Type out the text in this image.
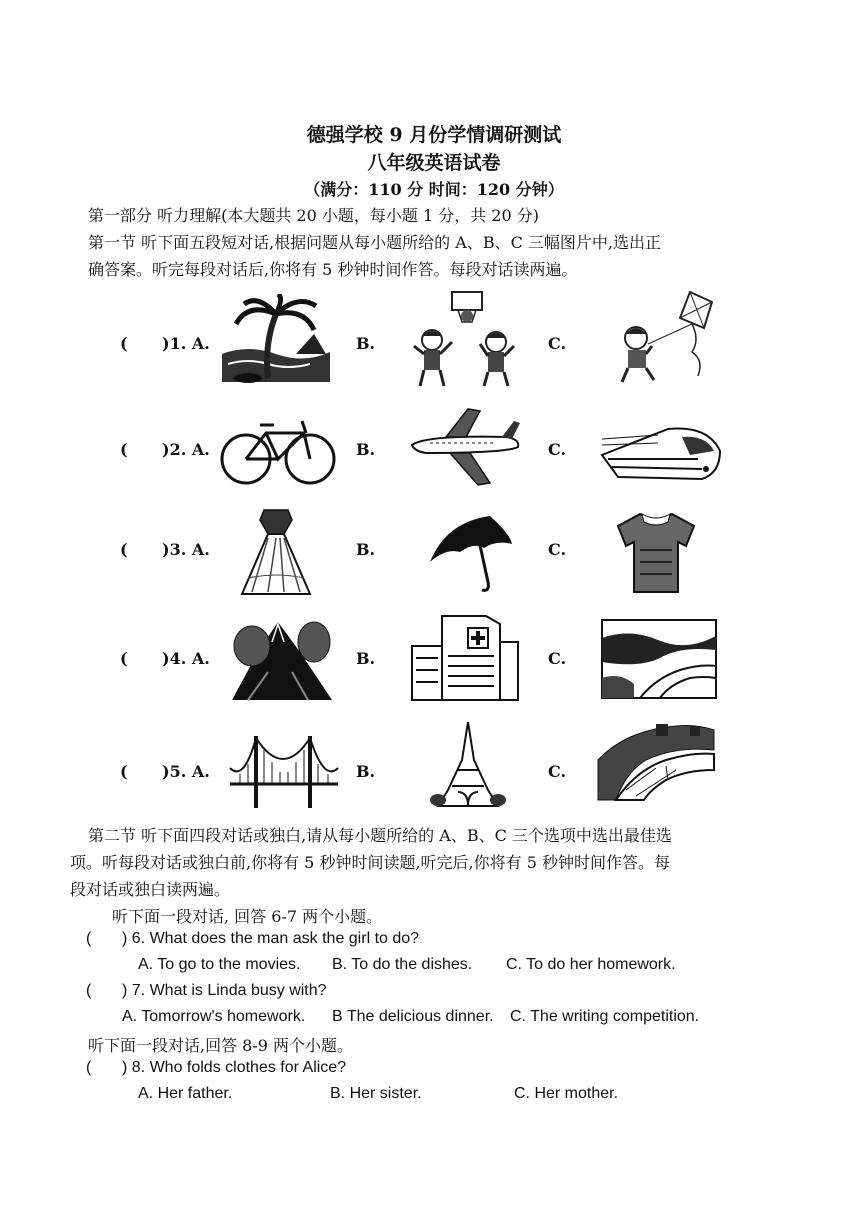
德强学校 9 月份学情调研测试
八年级英语试卷
（满分：110 分 时间：120 分钟）
第一部分 听力理解(本大题共 20 小题，每小题 1 分，共 20 分)
第一节 听下面五段短对话,根据问题从每小题所给的 A、B、C 三幅图片中,选出正
确答案。听完每段对话后,你将有 5 秒钟时间作答。每段对话读两遍。
( )1. A.	B.	C.
( )2. A.	B.	C.
( )3. A.	B.	C.
( )4. A.	B.	C.
( )5. A.	B.	C.
第二节 听下面四段对话或独白,请从每小题所给的 A、B、C 三个选项中选出最佳选
项。听每段对话或独白前,你将有 5 秒钟时间读题,听完后,你将有 5 秒钟时间作答。每
段对话或独白读两遍。
听下面一段对话, 回答 6-7 两个小题。
( ) 6. What does the man ask the girl to do?
A. To go to the movies. B. To do the dishes. C. To do her homework.
( ) 7. What is Linda busy with?
A. Tomorrow's homework. B The delicious dinner. C. The writing competition.
听下面一段对话,回答 8-9 两个小题。
( ) 8. Who folds clothes for Alice?
A. Her father.	B. Her sister.	C. Her mother.
